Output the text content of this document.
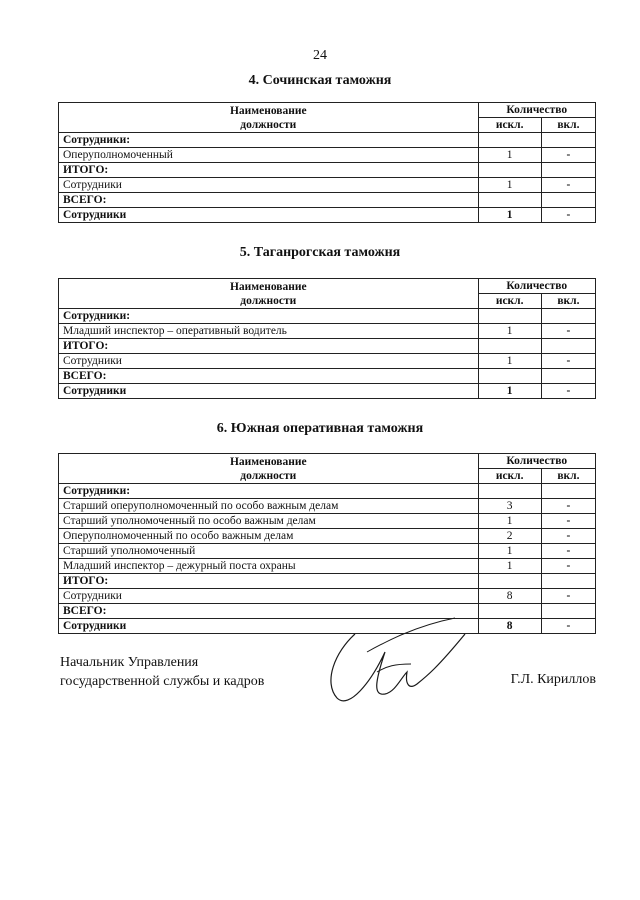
24
4. Сочинская таможня
Наименование
должности	Количество	
	искл.	вкл.
Сотрудники:		
Оперуполномоченный	1	-
ИТОГО:		
Сотрудники	1	-
ВСЕГО:		
Сотрудники	1	-
5. Таганрогская таможня
Наименование
должности	Количество	
	искл.	вкл.
Сотрудники:		
Младший инспектор – оперативный водитель	1	-
ИТОГО:		
Сотрудники	1	-
ВСЕГО:		
Сотрудники	1	-
6. Южная оперативная таможня
Наименование
должности	Количество	
	искл.	вкл.
Сотрудники:		
Старший оперуполномоченный по особо важным делам	3	-
Старший уполномоченный по особо важным делам	1	-
Оперуполномоченный по особо важным делам	2	-
Старший уполномоченный	1	-
Младший инспектор – дежурный поста охраны	1	-
ИТОГО:		
Сотрудники	8	-
ВСЕГО:		
Сотрудники	8	-
Начальник Управления
государственной службы и кадров	Г.Л. Кириллов
